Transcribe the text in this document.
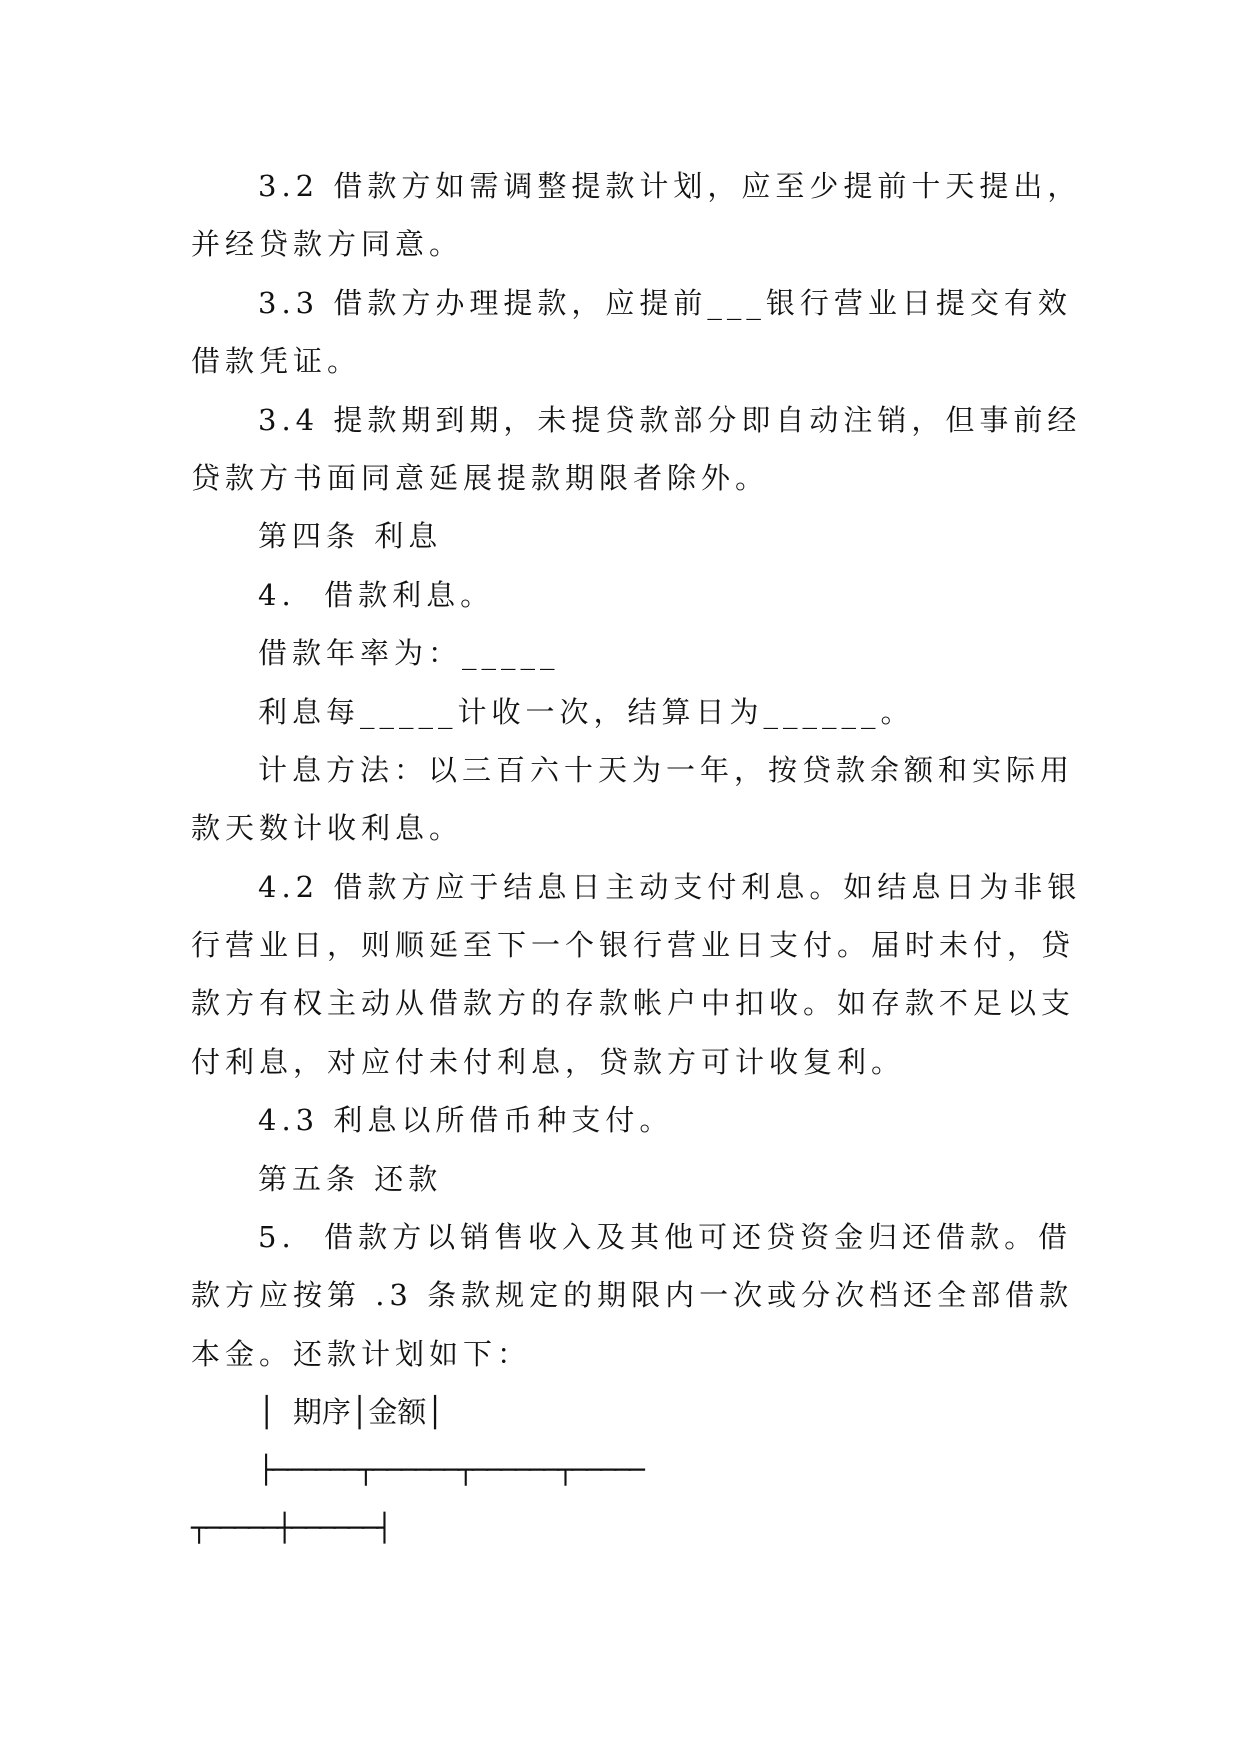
3.2 借款方如需调整提款计划，应至少提前十天提出，
并经贷款方同意。
3.3 借款方办理提款，应提前___银行营业日提交有效
借款凭证。
3.4 提款期到期，未提贷款部分即自动注销，但事前经
贷款方书面同意延展提款期限者除外。
第四条 利息
4.  借款利息。
借款年率为：_____
利息每_____计收一次，结算日为______。
计息方法：以三百六十天为一年，按贷款余额和实际用
款天数计收利息。
4.2 借款方应于结息日主动支付利息。如结息日为非银
行营业日，则顺延至下一个银行营业日支付。届时未付，贷
款方有权主动从借款方的存款帐户中扣收。如存款不足以支
付利息，对应付未付利息，贷款方可计收复利。
4.3 利息以所借币种支付。
第五条 还款
5.  借款方以销售收入及其他可还贷资金归还借款。借
款方应按第 .3 条款规定的期限内一次或分次档还全部借款
本金。还款计划如下：
│ 期序│金额│
├──────┬──────┬──────┬─────
┬─────┼──────┤
